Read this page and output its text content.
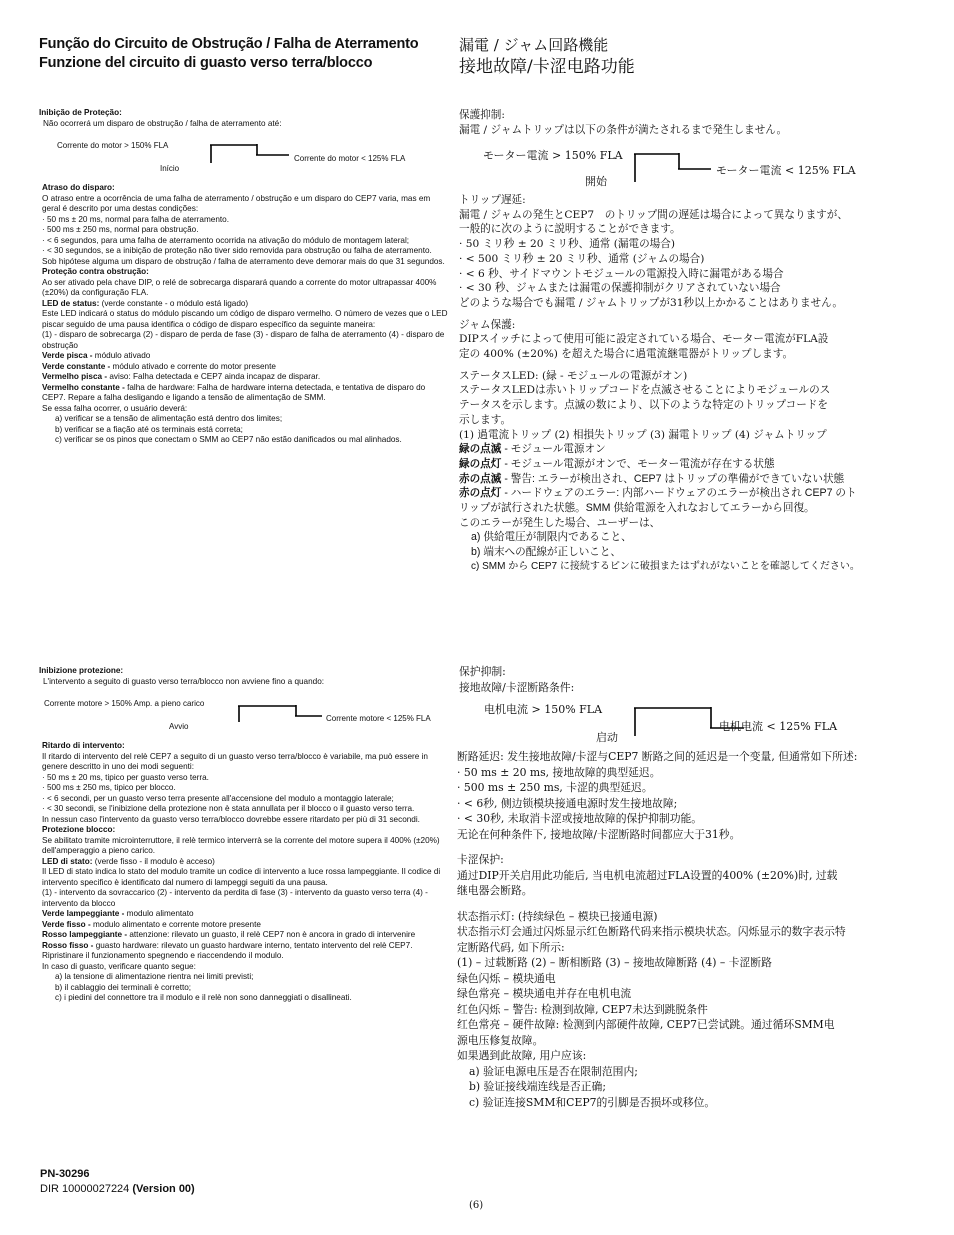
Função do Circuito de Obstrução / Falha de Aterramento
Funzione del circuito di guasto verso terra/blocco
漏電 / ジャム回路機能
接地故障/卡涩电路功能

Inibição de Proteção:

Não ocorrerá um disparo de obstrução / falha de aterramento até:

Corrente do motor > 150% FLA
Início
Corrente do motor < 125% FLA

Atraso do disparo:

O atraso entre a ocorrência de uma falha de aterramento / obstrução e um disparo do CEP7 varia, mas em geral é descrito por uma destas condições:

· 50 ms ± 20 ms, normal para falha de aterramento.

· 500 ms ± 250 ms, normal para obstrução.

· < 6 segundos, para uma falha de aterramento ocorrida na ativação do módulo de montagem lateral;

· < 30 segundos, se a inibição de proteção não tiver sido removida para obstrução ou falha de aterramento.

Sob hipótese alguma um disparo de obstrução / falha de aterramento deve demorar mais do que 31 segundos.

Proteção contra obstrução:

Ao ser ativado pela chave DIP, o relé de sobrecarga disparará quando a corrente do motor ultrapassar 400% (±20%) da configuração FLA.

LED de status: (verde constante - o módulo está ligado)

Este LED indicará o status do módulo piscando um código de disparo vermelho. O número de vezes que o LED piscar seguido de uma pausa identifica o código de disparo específico da seguinte maneira:

(1) - disparo de sobrecarga (2) - disparo de perda de fase (3) - disparo de falha de aterramento (4) - disparo de obstrução

Verde pisca - módulo ativado

Verde constante - módulo ativado e corrente do motor presente

Vermelho pisca - aviso: Falha detectada e CEP7 ainda incapaz de disparar.

Vermelho constante - falha de hardware: Falha de hardware interna detectada, e tentativa de disparo do CEP7. Repare a falha desligando e ligando a tensão de alimentação de SMM.

Se essa falha ocorrer, o usuário deverá:

a) verificar se a tensão de alimentação está dentro dos limites;

b) verificar se a fiação até os terminais está correta;

c) verificar se os pinos que conectam o SMM ao CEP7 não estão danificados ou mal alinhados.

保護抑制:

漏電 / ジャムトリップは以下の条件が満たされるまで発生しません。

モーター電流 > 150% FLA
開始
モーター電流 < 125% FLA

トリップ遅延:

漏電 / ジャムの発生とCEP7　のトリップ間の遅延は場合によって異なりますが、

一般的に次のように説明することができます。

· 50 ミリ秒 ± 20 ミリ秒、通常 (漏電の場合)

· < 500 ミリ秒 ± 20 ミリ秒、通常 (ジャムの場合)

· < 6 秒、サイドマウントモジュールの電源投入時に漏電がある場合

· < 30 秒、ジャムまたは漏電の保護抑制がクリアされていない場合

どのような場合でも漏電 / ジャムトリップが31秒以上かかることはありません。

ジャム保護:

DIPスイッチによって使用可能に設定されている場合、モーター電流がFLA設

定の 400% (±20%) を超えた場合に過電流継電器がトリップします。

ステータスLED: (緑 - モジュールの電源がオン)

ステータスLEDは赤いトリップコードを点滅させることによりモジュールのス

テータスを示します。点滅の数により、以下のような特定のトリップコードを

示します。

(1) 過電流トリップ (2) 相損失トリップ (3) 漏電トリップ (4) ジャムトリップ

緑の点滅 - モジュール電源オン

緑の点灯 - モジュール電源がオンで、モーター電流が存在する状態

赤の点滅 - 警告: エラーが検出され、CEP7 はトリップの準備ができていない状態

赤の点灯 - ハードウェアのエラー: 内部ハードウェアのエラーが検出され CEP7 のト

リップが試行された状態。SMM 供給電源を入れなおしてエラーから回復。

このエラーが発生した場合、ユーザーは、

a) 供給電圧が制限内であること、

b) 端末への配線が正しいこと、

c) SMM から CEP7 に接続するピンに破損またはずれがないことを確認してください。

Inibizione protezione:

L'intervento a seguito di guasto verso terra/blocco non avviene fino a quando:

Corrente motore > 150% Amp. a pieno carico
Avvio
Corrente motore < 125% FLA

Ritardo di intervento:

Il ritardo di intervento del relè CEP7 a seguito di un guasto verso terra/blocco è variabile, ma può essere in genere descritto in uno dei modi seguenti:

· 50 ms ± 20 ms, tipico per guasto verso terra.

· 500 ms ± 250 ms, tipico per blocco.

· < 6 secondi, per un guasto verso terra presente all'accensione del modulo a montaggio laterale;

· < 30 secondi, se l'inibizione della protezione non è stata annullata per il blocco o il guasto verso terra.

In nessun caso l'intervento da guasto verso terra/blocco dovrebbe essere ritardato per più di 31 secondi.

Protezione blocco:

Se abilitato tramite microinterruttore, il relè termico interverrà se la corrente del motore supera il 400% (±20%) dell'amperaggio a pieno carico.

LED di stato: (verde fisso - il modulo è acceso)

Il LED di stato indica lo stato del modulo tramite un codice di intervento a luce rossa lampeggiante. Il codice di intervento specifico è identificato dal numero di lampeggi seguiti da una pausa.

(1) - intervento da sovraccarico (2) - intervento da perdita di fase (3) - intervento da guasto verso terra (4) - intervento da blocco

Verde lampeggiante - modulo alimentato

Verde fisso - modulo alimentato e corrente motore presente

Rosso lampeggiante - attenzione: rilevato un guasto, il relè CEP7 non è ancora in grado di intervenire

Rosso fisso - guasto hardware: rilevato un guasto hardware interno, tentato intervento del relè CEP7. Ripristinare il funzionamento spegnendo e riaccendendo il modulo.

In caso di guasto, verificare quanto segue:

a) la tensione di alimentazione rientra nei limiti previsti;

b) il cablaggio dei terminali è corretto;

c) i piedini del connettore tra il modulo e il relè non sono danneggiati o disallineati.

保护抑制:

接地故障/卡涩断路条件:

电机电流 > 150% FLA
启动
电机电流 < 125% FLA

断路延迟: 发生接地故障/卡涩与CEP7 断路之间的延迟是一个变量, 但通常如下所述:

· 50 ms ± 20 ms, 接地故障的典型延迟。

· 500 ms ± 250 ms, 卡涩的典型延迟。

· < 6秒, 侧边锁模块接通电源时发生接地故障;

· < 30秒, 未取消卡涩或接地故障的保护抑制功能。

无论在何种条件下, 接地故障/卡涩断路时间都应大于31秒。

卡涩保护:

通过DIP开关启用此功能后, 当电机电流超过FLA设置的400% (±20%)时, 过载

继电器会断路。

状态指示灯: (持续绿色 – 模块已接通电源)

状态指示灯会通过闪烁显示红色断路代码来指示模块状态。闪烁显示的数字表示特

定断路代码, 如下所示:

(1) – 过载断路 (2) – 断相断路 (3) – 接地故障断路 (4) – 卡涩断路

绿色闪烁 – 模块通电

绿色常亮 – 模块通电并存在电机电流

红色闪烁 – 警告: 检测到故障, CEP7未达到跳脱条件

红色常亮 – 硬件故障: 检测到内部硬件故障, CEP7已尝试跳。通过循环SMM电

源电压修复故障。

如果遇到此故障, 用户应该:

a) 验证电源电压是否在限制范围内;

b) 验证接线端连线是否正确;

c) 验证连接SMM和CEP7的引脚是否损坏或移位。

PN-30296
DIR 10000027224 (Version 00)
(6)
